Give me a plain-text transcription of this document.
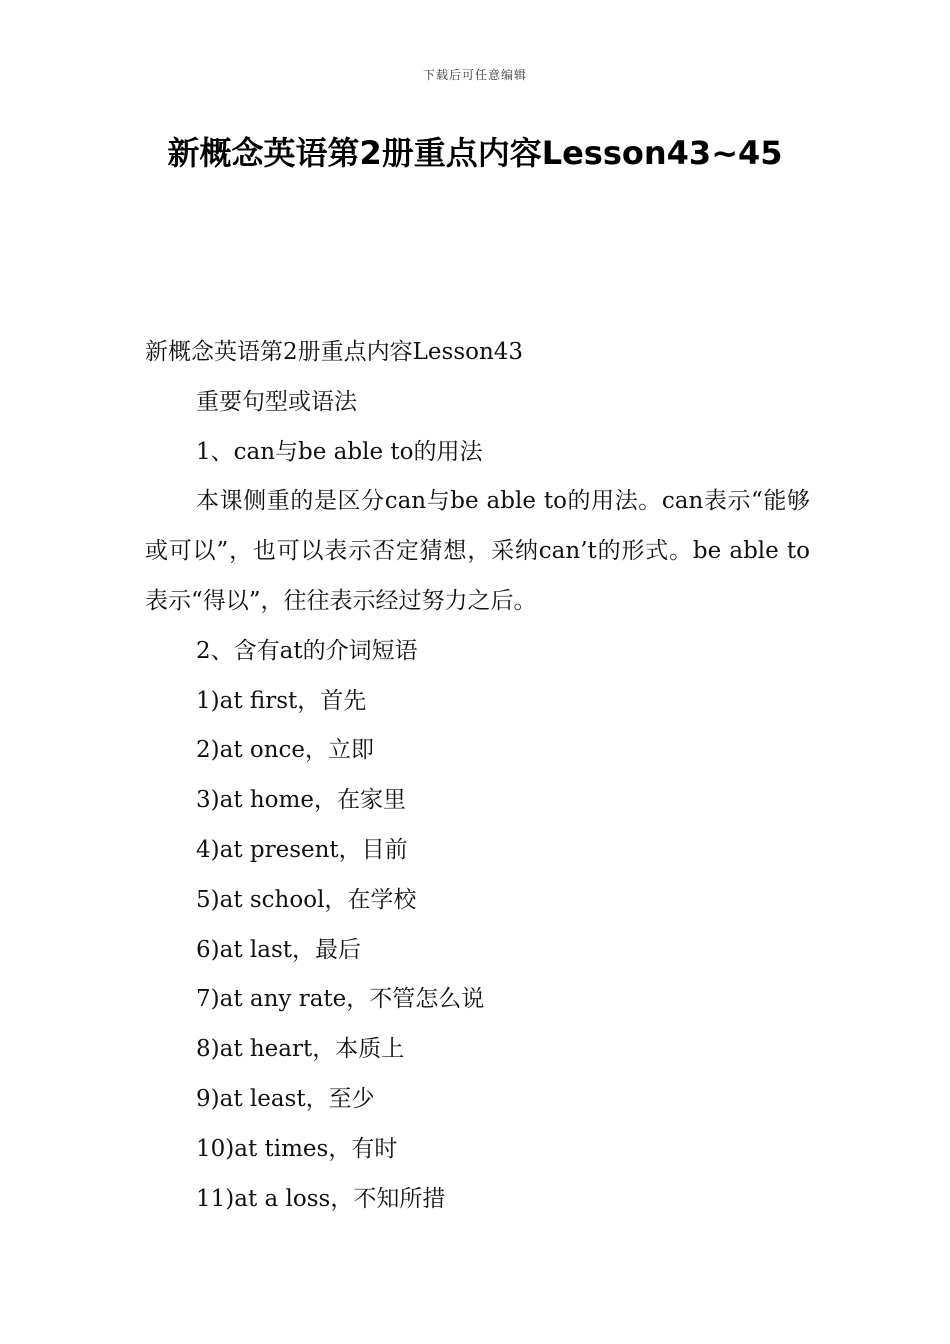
下载后可任意编辑
新概念英语第2册重点内容Lesson43~45

新概念英语第2册重点内容Lesson43

重要句型或语法

1、can与be able to的用法

本课侧重的是区分can与be able to的用法。can表示“能够或可以”，也可以表示否定猜想，采纳can’t的形式。be able to表示“得以”，往往表示经过努力之后。

2、含有at的介词短语

1)at first，首先

2)at once，立即

3)at home，在家里

4)at present，目前

5)at school，在学校

6)at last，最后

7)at any rate，不管怎么说

8)at heart，本质上

9)at least，至少

10)at times，有时

11)at a loss，不知所措
